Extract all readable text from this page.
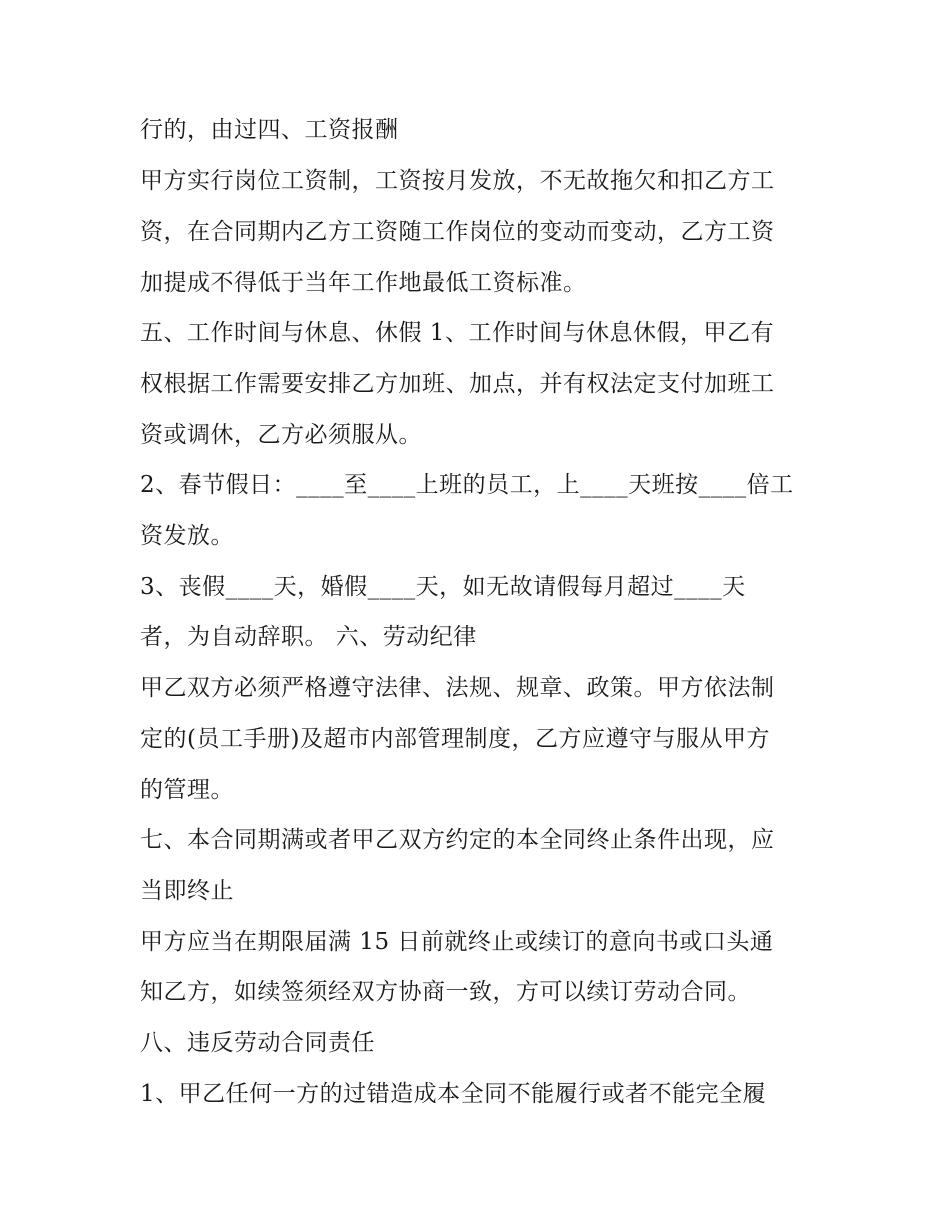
行的，由过四、工资报酬
甲方实行岗位工资制，工资按月发放，不无故拖欠和扣乙方工
资，在合同期内乙方工资随工作岗位的变动而变动，乙方工资
加提成不得低于当年工作地最低工资标准。
五、工作时间与休息、休假 1、工作时间与休息休假，甲乙有
权根据工作需要安排乙方加班、加点，并有权法定支付加班工
资或调休，乙方必须服从。
2、春节假日：____至____上班的员工，上____天班按____倍工
资发放。
3、丧假____天，婚假____天，如无故请假每月超过____天
者，为自动辞职。 六、劳动纪律
甲乙双方必须严格遵守法律、法规、规章、政策。甲方依法制
定的(员工手册)及超市内部管理制度，乙方应遵守与服从甲方
的管理。
七、本合同期满或者甲乙双方约定的本全同终止条件出现，应
当即终止
甲方应当在期限届满 15 日前就终止或续订的意向书或口头通
知乙方，如续签须经双方协商一致，方可以续订劳动合同。
八、违反劳动合同责任
1、甲乙任何一方的过错造成本全同不能履行或者不能完全履
